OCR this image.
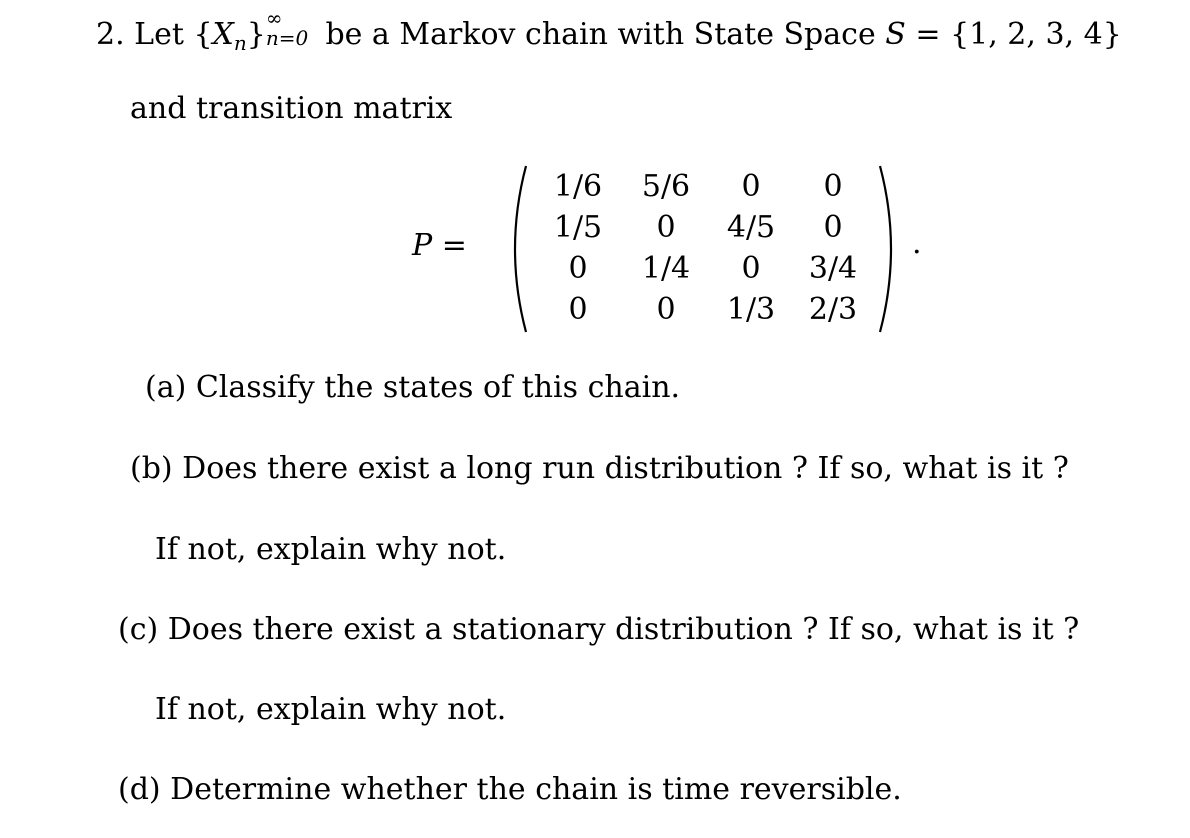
2. Let $\{X_n\}$ ∞
n=0 be a Markov chain with State Space S = {1, 2, 3, 4}
and transition matrix
P =
1/6	5/6	0	0
1/5	0	4/5	0
0	1/4	0	3/4
0	0	1/3	2/3
.
(a) Classify the states of this chain.
(b) Does there exist a long run distribution ? If so, what is it ?
If not, explain why not.
(c) Does there exist a stationary distribution ? If so, what is it ?
If not, explain why not.
(d) Determine whether the chain is time reversible.
